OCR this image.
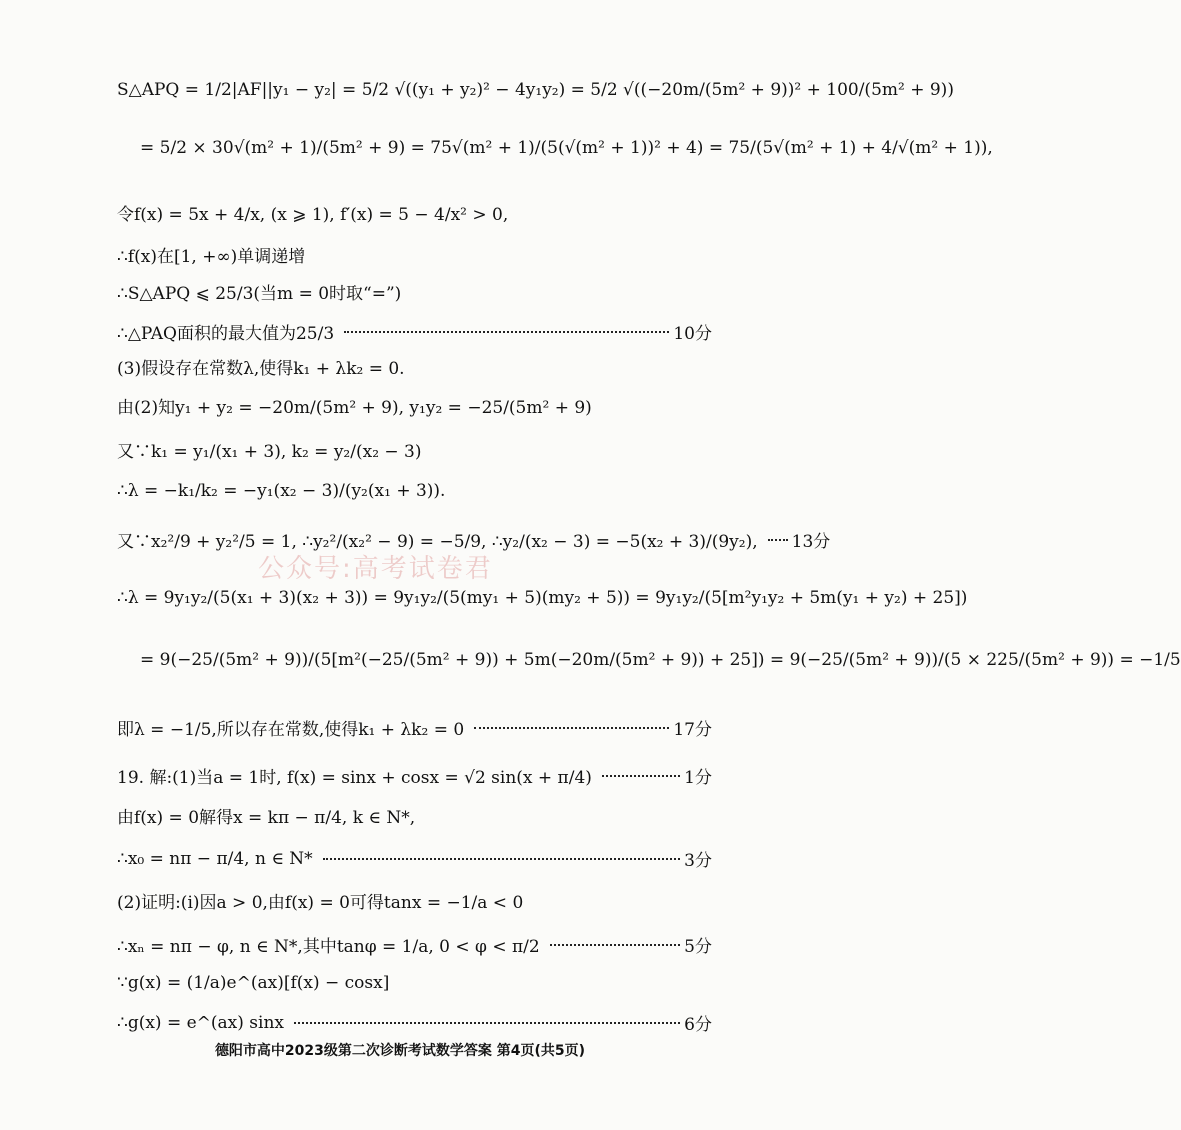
S△APQ = 1/2|AF||y₁ − y₂| = 5/2 √((y₁ + y₂)² − 4y₁y₂) = 5/2 √((−20m/(5m² + 9))² + 100/(5m² + 9))
= 5/2 × 30√(m² + 1)/(5m² + 9) = 75√(m² + 1)/(5(√(m² + 1))² + 4) = 75/(5√(m² + 1) + 4/√(m² + 1)),
令f(x) = 5x + 4/x, (x ⩾ 1), f′(x) = 5 − 4/x² > 0,
∴f(x)在[1, +∞)单调递增
∴S△APQ ⩽ 25/3(当m = 0时取“=”)
∴△PAQ面积的最大值为25/3	10分
(3)假设存在常数λ,使得k₁ + λk₂ = 0.
由(2)知y₁ + y₂ = −20m/(5m² + 9), y₁y₂ = −25/(5m² + 9)
又∵k₁ = y₁/(x₁ + 3), k₂ = y₂/(x₂ − 3)
∴λ = −k₁/k₂ = −y₁(x₂ − 3)/(y₂(x₁ + 3)).
又∵x₂²/9 + y₂²/5 = 1, ∴y₂²/(x₂² − 9) = −5/9, ∴y₂/(x₂ − 3) = −5(x₂ + 3)/(9y₂), 13分
∴λ = 9y₁y₂/(5(x₁ + 3)(x₂ + 3)) = 9y₁y₂/(5(my₁ + 5)(my₂ + 5)) = 9y₁y₂/(5[m²y₁y₂ + 5m(y₁ + y₂) + 25])
= 9(−25/(5m² + 9))/(5[m²(−25/(5m² + 9)) + 5m(−20m/(5m² + 9)) + 25]) = 9(−25/(5m² + 9))/(5 × 225/(5m² + 9)) = −1/5
即λ = −1/5,所以存在常数,使得k₁ + λk₂ = 0	17分
19. 解:(1)当a = 1时, f(x) = sinx + cosx = √2 sin(x + π/4)	1分
由f(x) = 0解得x = kπ − π/4, k ∈ N*,
∴x₀ = nπ − π/4, n ∈ N*	3分
(2)证明:(ⅰ)因a > 0,由f(x) = 0可得tanx = −1/a < 0
∴xₙ = nπ − φ, n ∈ N*,其中tanφ = 1/a, 0 < φ < π/2	5分
∵g(x) = (1/a)e^(ax)[f(x) − cosx]
∴g(x) = e^(ax) sinx	6分
公众号:高考试卷君
德阳市高中2023级第二次诊断考试数学答案 第4页(共5页)
